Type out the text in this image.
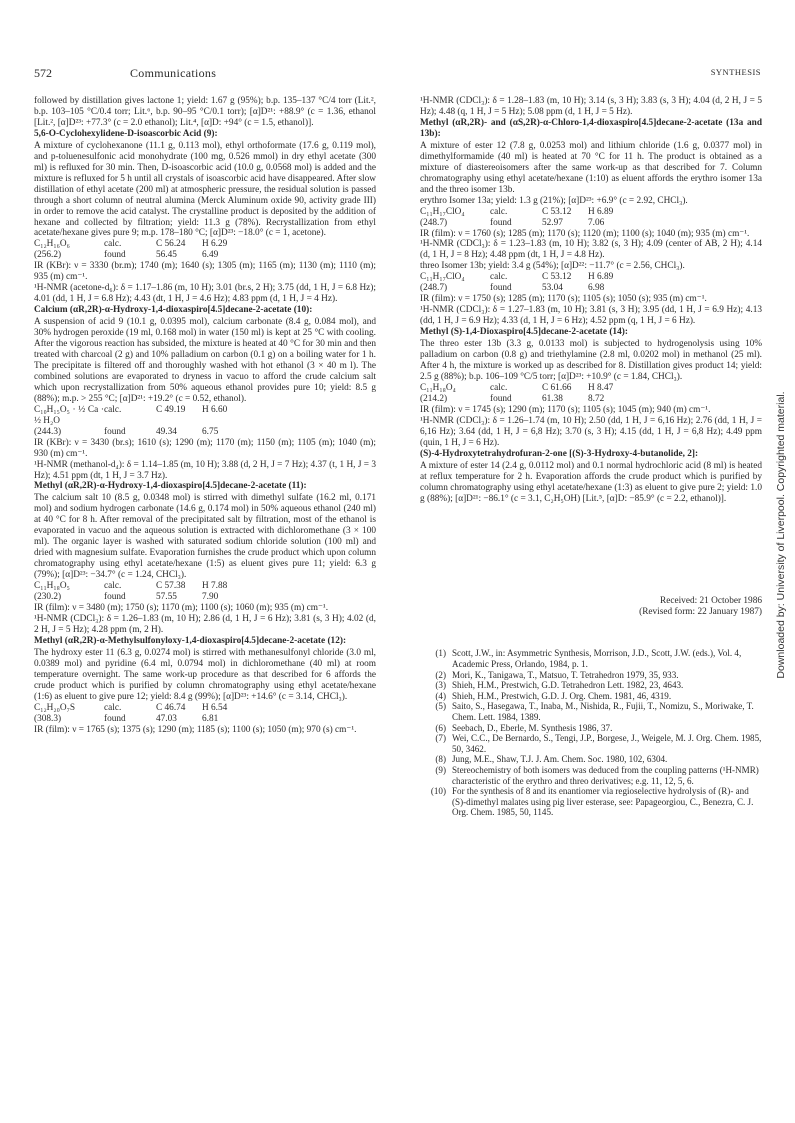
572	Communications	SYNTHESIS

followed by distillation gives lactone 1; yield: 1.67 g (95%); b.p. 135–137 °C/4 torr (Lit.², b.p. 103–105 °C/0.4 torr; Lit.⁶, b.p. 90–95 °C/0.1 torr); [α]D²¹: +88.9° (c = 1.36, ethanol [Lit.², [α]D²³: +77.3° (c = 2.0 ethanol); Lit.⁴, [α]D: +94° (c = 1.5, ethanol)].

5,6-O-Cyclohexylidene-D-isoascorbic Acid (9):

A mixture of cyclohexanone (11.1 g, 0.113 mol), ethyl orthoformate (17.6 g, 0.119 mol), and p-toluenesulfonic acid monohydrate (100 mg, 0.526 mmol) in dry ethyl acetate (300 ml) is refluxed for 30 min. Then, D-isoascorbic acid (10.0 g, 0.0568 mol) is added and the mixture is refluxed for 5 h until all crystals of isoascorbic acid have disappeared. After slow distillation of ethyl acetate (200 ml) at atmospheric pressure, the residual solution is passed through a short column of neutral alumina (Merck Aluminum oxide 90, activity grade III) in order to remove the acid catalyst. The crystalline product is deposited by the addition of hexane and collected by filtration; yield: 11.3 g (78%). Recrystallization from ethyl acetate/hexane gives pure 9; m.p. 178–180 °C; [α]D²³: −18.0° (c = 1, acetone).

C₁₂H₁₆O₆	calc.	C 56.24	H 6.29
(256.2)	found	56.45	6.49

IR (KBr): ν = 3330 (br.m); 1740 (m); 1640 (s); 1305 (m); 1165 (m); 1130 (m); 1110 (m); 935 (m) cm⁻¹.

¹H-NMR (acetone-d₆): δ = 1.17–1.86 (m, 10 H); 3.01 (br.s, 2 H); 3.75 (dd, 1 H, J = 6.8 Hz); 4.01 (dd, 1 H, J = 6.8 Hz); 4.43 (dt, 1 H, J = 4.6 Hz); 4.83 ppm (d, 1 H, J = 4 Hz).

Calcium (αR,2R)-α-Hydroxy-1,4-dioxaspiro[4.5]decane-2-acetate (10):

A suspension of acid 9 (10.1 g, 0.0395 mol), calcium carbonate (8.4 g, 0.084 mol), and 30% hydrogen peroxide (19 ml, 0.168 mol) in water (150 ml) is kept at 25 °C with cooling. After the vigorous reaction has subsided, the mixture is heated at 40 °C for 30 min and then treated with charcoal (2 g) and 10% palladium on carbon (0.1 g) on a boiling water for 1 h. The precipitate is filtered off and thoroughly washed with hot ethanol (3 × 40 m l). The combined solutions are evaporated to dryness in vacuo to afford the crude calcium salt which upon recrystallization from 50% aqueous ethanol provides pure 10; yield: 8.5 g (88%); m.p. > 255 °C; [α]D²¹: +19.2° (c = 0.52, ethanol).

C₁₀H₁₅O₅ · ½ Ca · ½ H₂O
calc.	C 49.19	H 6.60
(244.3)	found	49.34	6.75

IR (KBr): ν = 3430 (br.s); 1610 (s); 1290 (m); 1170 (m); 1150 (m); 1105 (m); 1040 (m); 930 (m) cm⁻¹.

¹H-NMR (methanol-d₄): δ = 1.14–1.85 (m, 10 H); 3.88 (d, 2 H, J = 7 Hz); 4.37 (t, 1 H, J = 3 Hz); 4.51 ppm (dt, 1 H, J = 3.7 Hz).

Methyl (αR,2R)-α-Hydroxy-1,4-dioxaspiro[4.5]decane-2-acetate (11):

The calcium salt 10 (8.5 g, 0.0348 mol) is stirred with dimethyl sulfate (16.2 ml, 0.171 mol) and sodium hydrogen carbonate (14.6 g, 0.174 mol) in 50% aqueous ethanol (240 ml) at 40 °C for 8 h. After removal of the precipitated salt by filtration, most of the ethanol is evaporated in vacuo and the aqueous solution is extracted with dichloromethane (3 × 100 ml). The organic layer is washed with saturated sodium chloride solution (100 ml) and dried with magnesium sulfate. Evaporation furnishes the crude product which upon column chromatography using ethyl acetate/hexane (1:5) as eluent gives pure 11; yield: 6.3 g (79%); [α]D²³: −34.7° (c = 1.24, CHCl₃).

C₁₁H₁₈O₅	calc.	C 57.38	H 7.88
(230.2)	found	57.55	7.90

IR (film): ν = 3480 (m); 1750 (s); 1170 (m); 1100 (s); 1060 (m); 935 (m) cm⁻¹.

¹H-NMR (CDCl₃): δ = 1.26–1.83 (m, 10 H); 2.86 (d, 1 H, J = 6 Hz); 3.81 (s, 3 H); 4.02 (d, 2 H, J = 5 Hz); 4.28 ppm (m, 2 H).

Methyl (αR,2R)-α-Methylsulfonyloxy-1,4-dioxaspiro[4.5]decane-2-acetate (12):

The hydroxy ester 11 (6.3 g, 0.0274 mol) is stirred with methanesulfonyl chloride (3.0 ml, 0.0389 mol) and pyridine (6.4 ml, 0.0794 mol) in dichloromethane (40 ml) at room temperature overnight. The same work-up procedure as that described for 6 affords the crude product which is purified by column chromatography using ethyl acetate/hexane (1:6) as eluent to give pure 12; yield: 8.4 g (99%); [α]D²³: +14.6° (c = 3.14, CHCl₃).

C₁₂H₂₀O₇S	calc.	C 46.74	H 6.54
(308.3)	found	47.03	6.81

IR (film): ν = 1765 (s); 1375 (s); 1290 (m); 1185 (s); 1100 (s); 1050 (m); 970 (s) cm⁻¹.

¹H-NMR (CDCl₃): δ = 1.28–1.83 (m, 10 H); 3.14 (s, 3 H); 3.83 (s, 3 H); 4.04 (d, 2 H, J = 5 Hz); 4.48 (q, 1 H, J = 5 Hz); 5.08 ppm (d, 1 H, J = 5 Hz).

Methyl (αR,2R)- and (αS,2R)-α-Chloro-1,4-dioxaspiro[4.5]decane-2-acetate (13a and 13b):

A mixture of ester 12 (7.8 g, 0.0253 mol) and lithium chloride (1.6 g, 0.0377 mol) in dimethylformamide (40 ml) is heated at 70 °C for 11 h. The product is obtained as a mixture of diastereoisomers after the same work-up as that described for 7. Column chromatography using ethyl acetate/hexane (1:10) as eluent affords the erythro isomer 13a and the threo isomer 13b.

erythro Isomer 13a; yield: 1.3 g (21%); [α]D²³: +6.9° (c = 2.92, CHCl₃).

C₁₁H₁₇ClO₄	calc.	C 53.12	H 6.89
(248.7)	found	52.97	7.06

IR (film): ν = 1760 (s); 1285 (m); 1170 (s); 1120 (m); 1100 (s); 1040 (m); 935 (m) cm⁻¹.

¹H-NMR (CDCl₃): δ = 1.23–1.83 (m, 10 H); 3.82 (s, 3 H); 4.09 (center of AB, 2 H); 4.14 (d, 1 H, J = 8 Hz); 4.48 ppm (dt, 1 H, J = 4.8 Hz).

threo Isomer 13b; yield: 3.4 g (54%); [α]D²²: −11.7° (c = 2.56, CHCl₃).

C₁₁H₁₇ClO₄	calc.	C 53.12	H 6.89
(248.7)	found	53.04	6.98

IR (film): ν = 1750 (s); 1285 (m); 1170 (s); 1105 (s); 1050 (s); 935 (m) cm⁻¹.

¹H-NMR (CDCl₃): δ = 1.27–1.83 (m, 10 H); 3.81 (s, 3 H); 3.95 (dd, 1 H, J = 6.9 Hz); 4.13 (dd, 1 H, J = 6.9 Hz); 4.33 (d, 1 H, J = 6 Hz); 4.52 ppm (q, 1 H, J = 6 Hz).

Methyl (S)-1,4-Dioxaspiro[4.5]decane-2-acetate (14):

The threo ester 13b (3.3 g, 0.0133 mol) is subjected to hydrogenolysis using 10% palladium on carbon (0.8 g) and triethylamine (2.8 ml, 0.0202 mol) in methanol (25 ml). After 4 h, the mixture is worked up as described for 8. Distillation gives product 14; yield: 2.5 g (88%); b.p. 106–109 °C/5 torr; [α]D²³: +10.9° (c = 1.84, CHCl₃).

C₁₁H₁₈O₄	calc.	C 61.66	H 8.47
(214.2)	found	61.38	8.72

IR (film): ν = 1745 (s); 1290 (m); 1170 (s); 1105 (s); 1045 (m); 940 (m) cm⁻¹.

¹H-NMR (CDCl₃): δ = 1.26–1.74 (m, 10 H); 2.50 (dd, 1 H, J = 6,16 Hz); 2.76 (dd, 1 H, J = 6,16 Hz); 3.64 (dd, 1 H, J = 6,8 Hz); 3.70 (s, 3 H); 4.15 (dd, 1 H, J = 6,8 Hz); 4.49 ppm (quin, 1 H, J = 6 Hz).

(S)-4-Hydroxytetrahydrofuran-2-one [(S)-3-Hydroxy-4-butanolide, 2]:

A mixture of ester 14 (2.4 g, 0.0112 mol) and 0.1 normal hydrochloric acid (8 ml) is heated at reflux temperature for 2 h. Evaporation affords the crude product which is purified by column chromatography using ethyl acetate/hexane (1:3) as eluent to give pure 2; yield: 1.0 g (88%); [α]D²¹: −86.1° (c = 3.1, C₂H₅OH) [Lit.⁵, [α]D: −85.9° (c = 2.2, ethanol)].

Received: 21 October 1986
(Revised form: 22 January 1987)
(1) Scott, J.W., in: Asymmetric Synthesis, Morrison, J.D., Scott, J.W. (eds.), Vol. 4, Academic Press, Orlando, 1984, p. 1.
(2) Mori, K., Tanigawa, T., Matsuo, T. Tetrahedron 1979, 35, 933.
(3) Shieh, H.M., Prestwich, G.D. Tetrahedron Lett. 1982, 23, 4643.
(4) Shieh, H.M., Prestwich, G.D. J. Org. Chem. 1981, 46, 4319.
(5) Saito, S., Hasegawa, T., Inaba, M., Nishida, R., Fujii, T., Nomizu, S., Moriwake, T. Chem. Lett. 1984, 1389.
(6) Seebach, D., Eberle, M. Synthesis 1986, 37.
(7) Wei, C.C., De Bernardo, S., Tengi, J.P., Borgese, J., Weigele, M. J. Org. Chem. 1985, 50, 3462.
(8) Jung, M.E., Shaw, T.J. J. Am. Chem. Soc. 1980, 102, 6304.
(9) Stereochemistry of both isomers was deduced from the coupling patterns (¹H-NMR) characteristic of the erythro and threo derivatives; e.g. 11, 12, 5, 6.
(10) For the synthesis of 8 and its enantiomer via regioselective hydrolysis of (R)- and (S)-dimethyl malates using pig liver esterase, see: Papageorgiou, C., Benezra, C. J. Org. Chem. 1985, 50, 1145.
Downloaded by: University of Liverpool. Copyrighted material.
